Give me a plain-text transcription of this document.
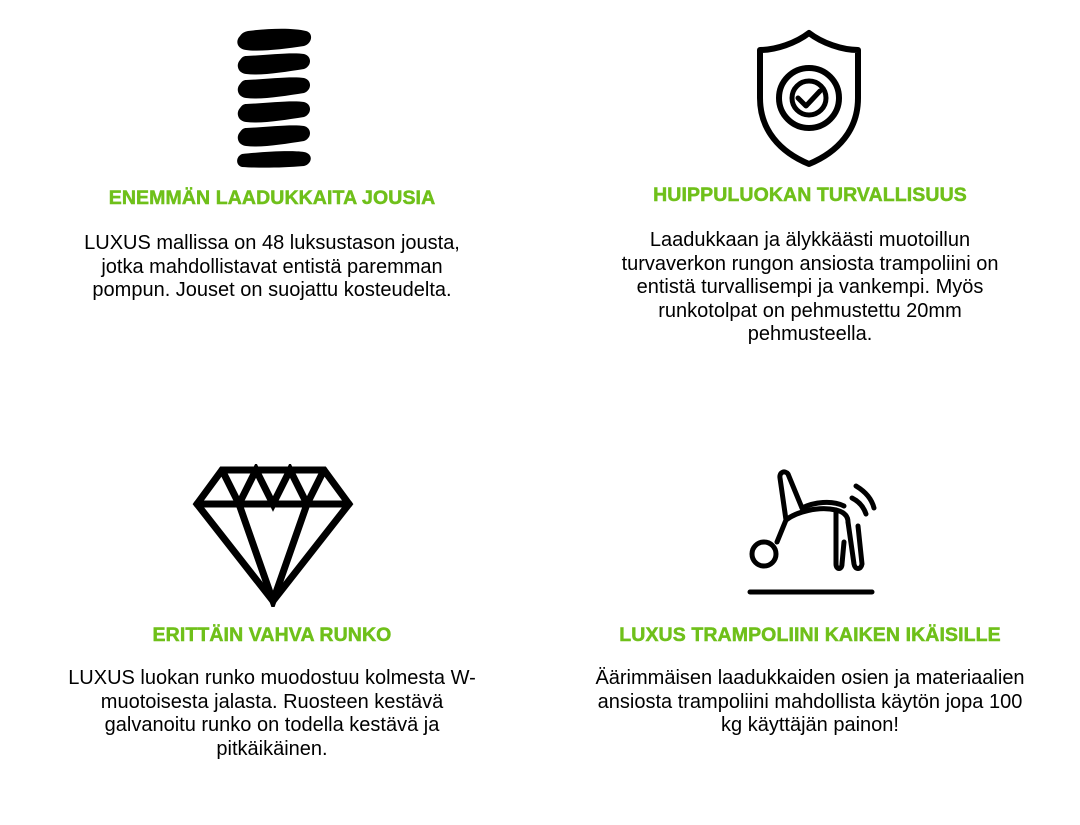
ENEMMÄN LAADUKKAITA JOUSIA

LUXUS mallissa on 48 luksustason jousta, jotka mahdollistavat entistä paremman pompun. Jouset on suojattu kosteudelta.

HUIPPULUOKAN TURVALLISUUS

Laadukkaan ja älykkäästi muotoillun turvaverkon rungon ansiosta trampoliini on entistä turvallisempi ja vankempi. Myös runkotolpat on pehmustettu 20mm pehmusteella.

ERITTÄIN VAHVA RUNKO

LUXUS luokan runko muodostuu kolmesta W-muotoisesta jalasta. Ruosteen kestävä galvanoitu runko on todella kestävä ja pitkäikäinen.

LUXUS TRAMPOLIINI KAIKEN IKÄISILLE

Äärimmäisen laadukkaiden osien ja materiaalien ansiosta trampoliini mahdollista käytön jopa 100 kg käyttäjän painon!
